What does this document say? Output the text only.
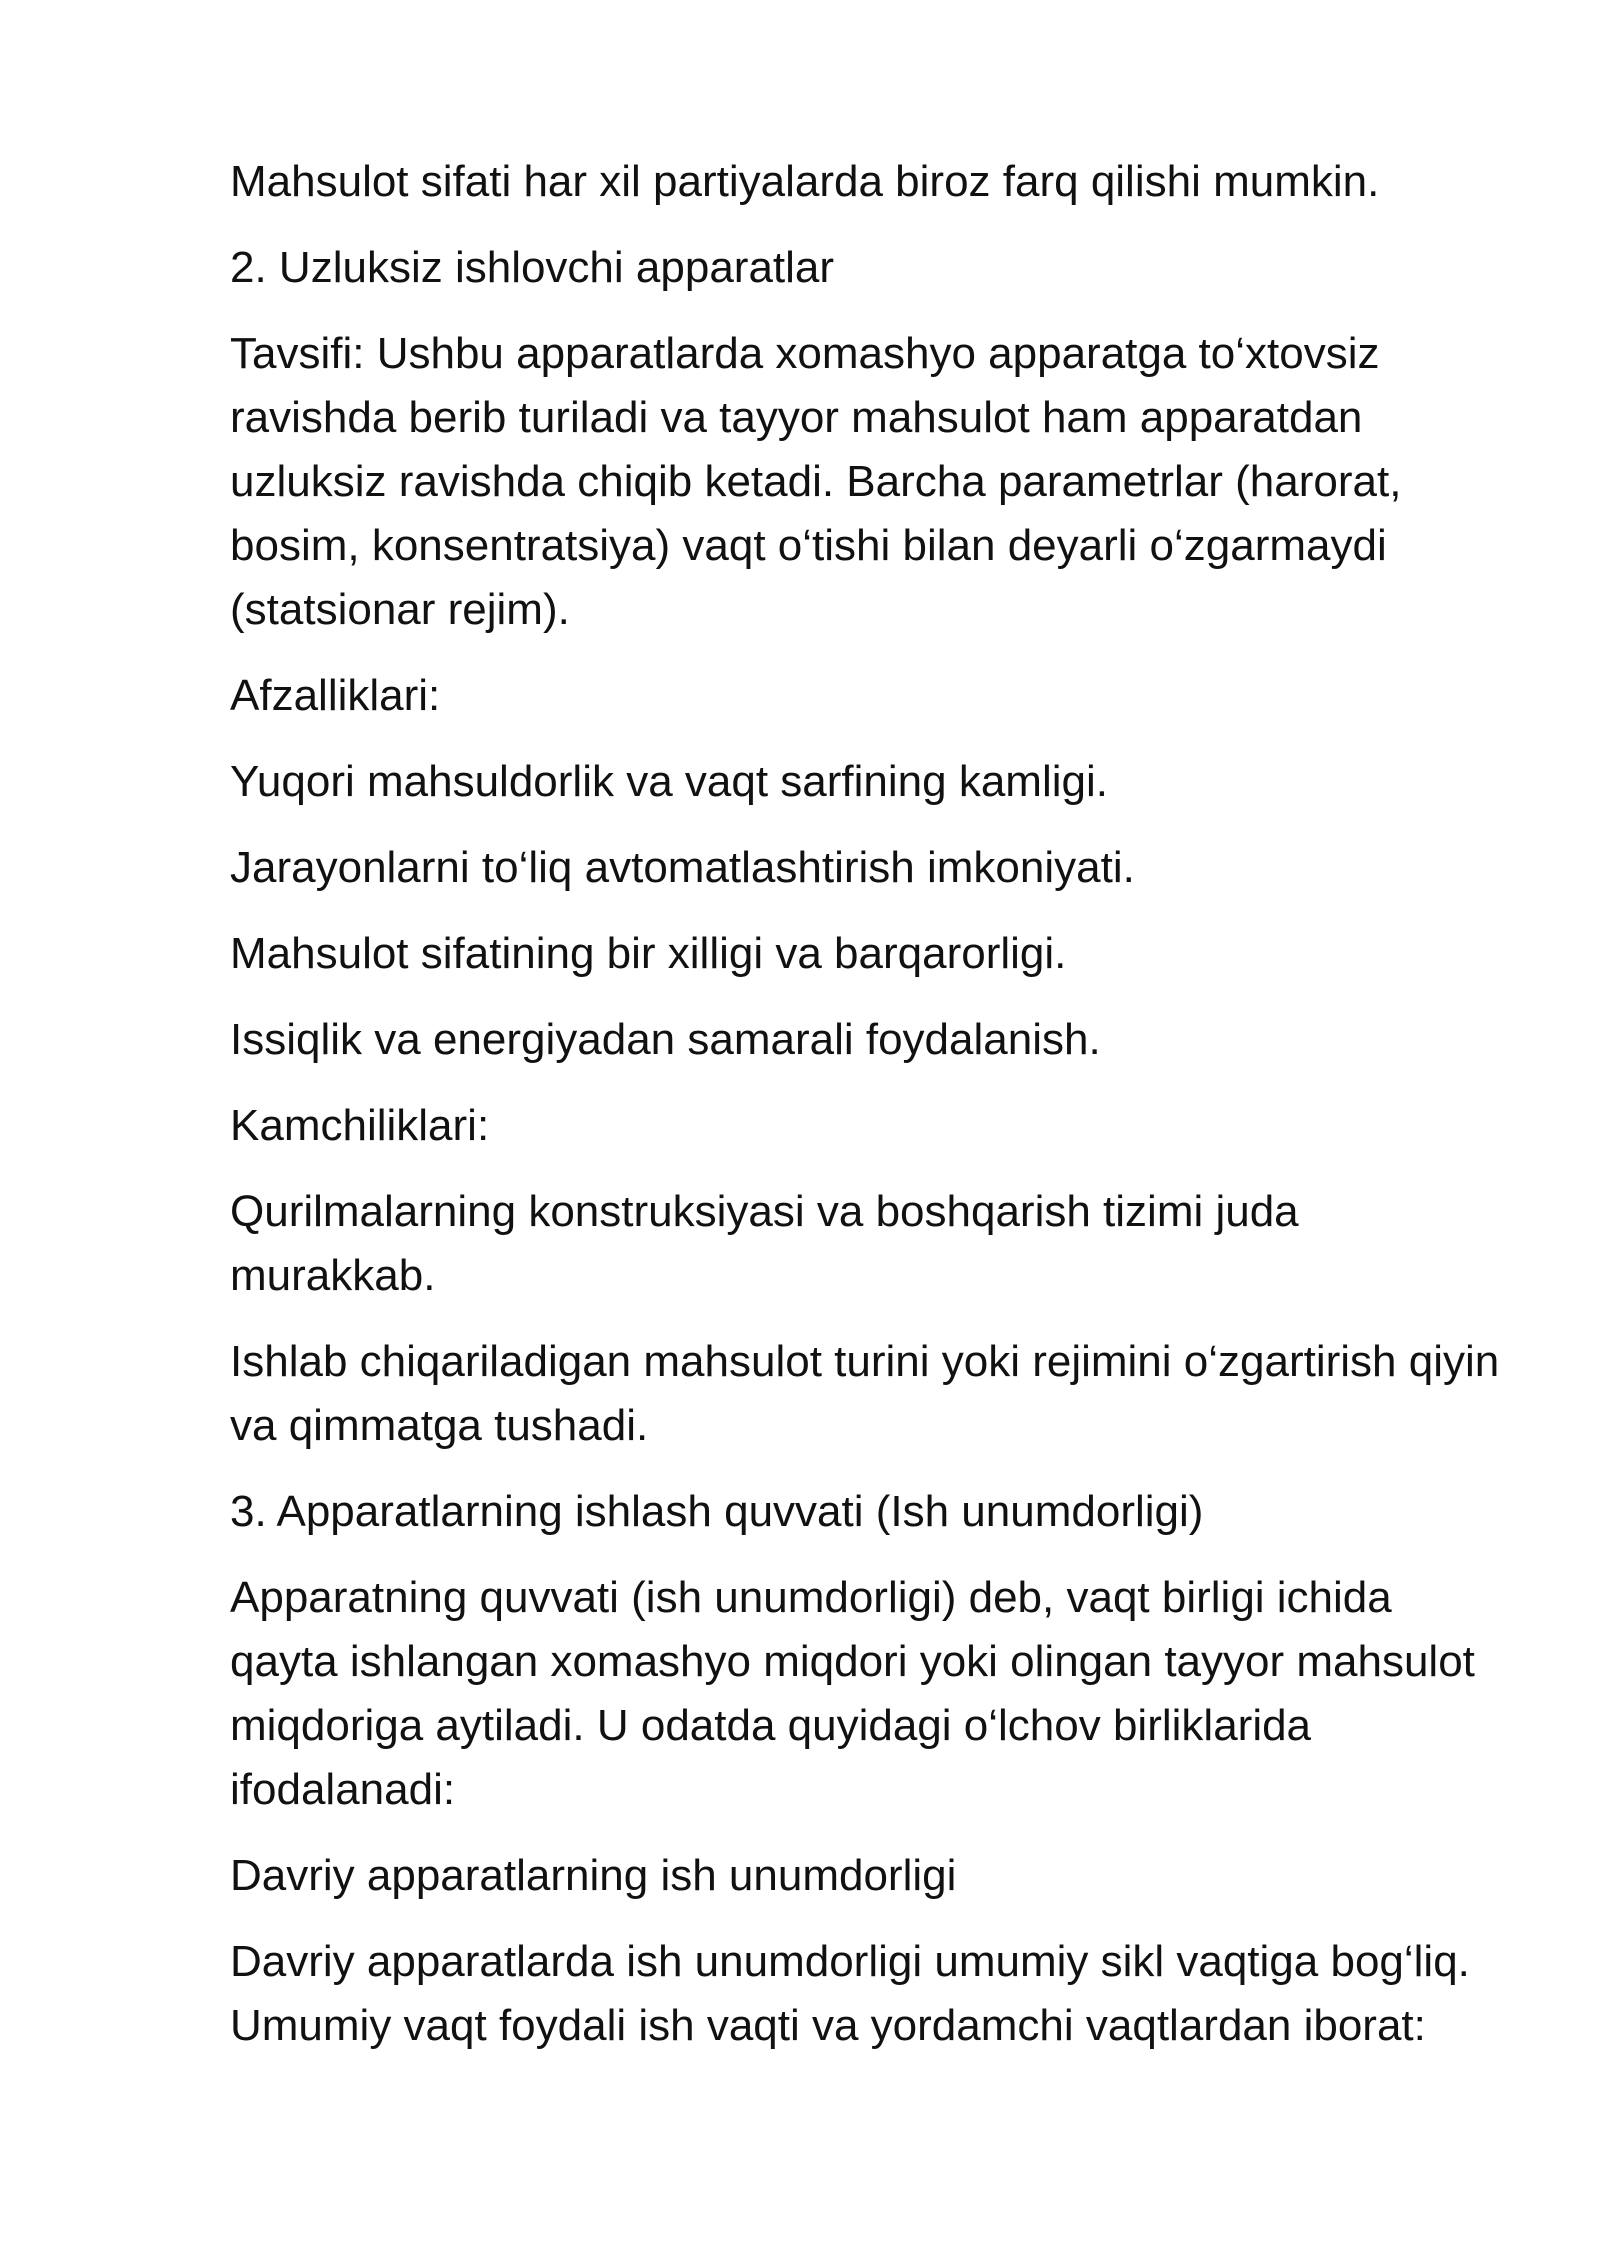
Mahsulot sifati har xil partiyalarda biroz farq qilishi mumkin.

2. Uzluksiz ishlovchi apparatlar

Tavsifi: Ushbu apparatlarda xomashyo apparatga to‘xtovsiz ravishda berib turiladi va tayyor mahsulot ham apparatdan uzluksiz ravishda chiqib ketadi. Barcha parametrlar (harorat, bosim, konsentratsiya) vaqt o‘tishi bilan deyarli o‘zgarmaydi (statsionar rejim).

Afzalliklari:

Yuqori mahsuldorlik va vaqt sarfining kamligi.

Jarayonlarni to‘liq avtomatlashtirish imkoniyati.

Mahsulot sifatining bir xilligi va barqarorligi.

Issiqlik va energiyadan samarali foydalanish.

Kamchiliklari:

Qurilmalarning konstruksiyasi va boshqarish tizimi juda murakkab.

Ishlab chiqariladigan mahsulot turini yoki rejimini o‘zgartirish qiyin va qimmatga tushadi.

3. Apparatlarning ishlash quvvati (Ish unumdorligi)

Apparatning quvvati (ish unumdorligi) deb, vaqt birligi ichida qayta ishlangan xomashyo miqdori yoki olingan tayyor mahsulot miqdoriga aytiladi. U odatda quyidagi o‘lchov birliklarida ifodalanadi:

Davriy apparatlarning ish unumdorligi

Davriy apparatlarda ish unumdorligi umumiy sikl vaqtiga bog‘liq. Umumiy vaqt foydali ish vaqti va yordamchi vaqtlardan iborat:
